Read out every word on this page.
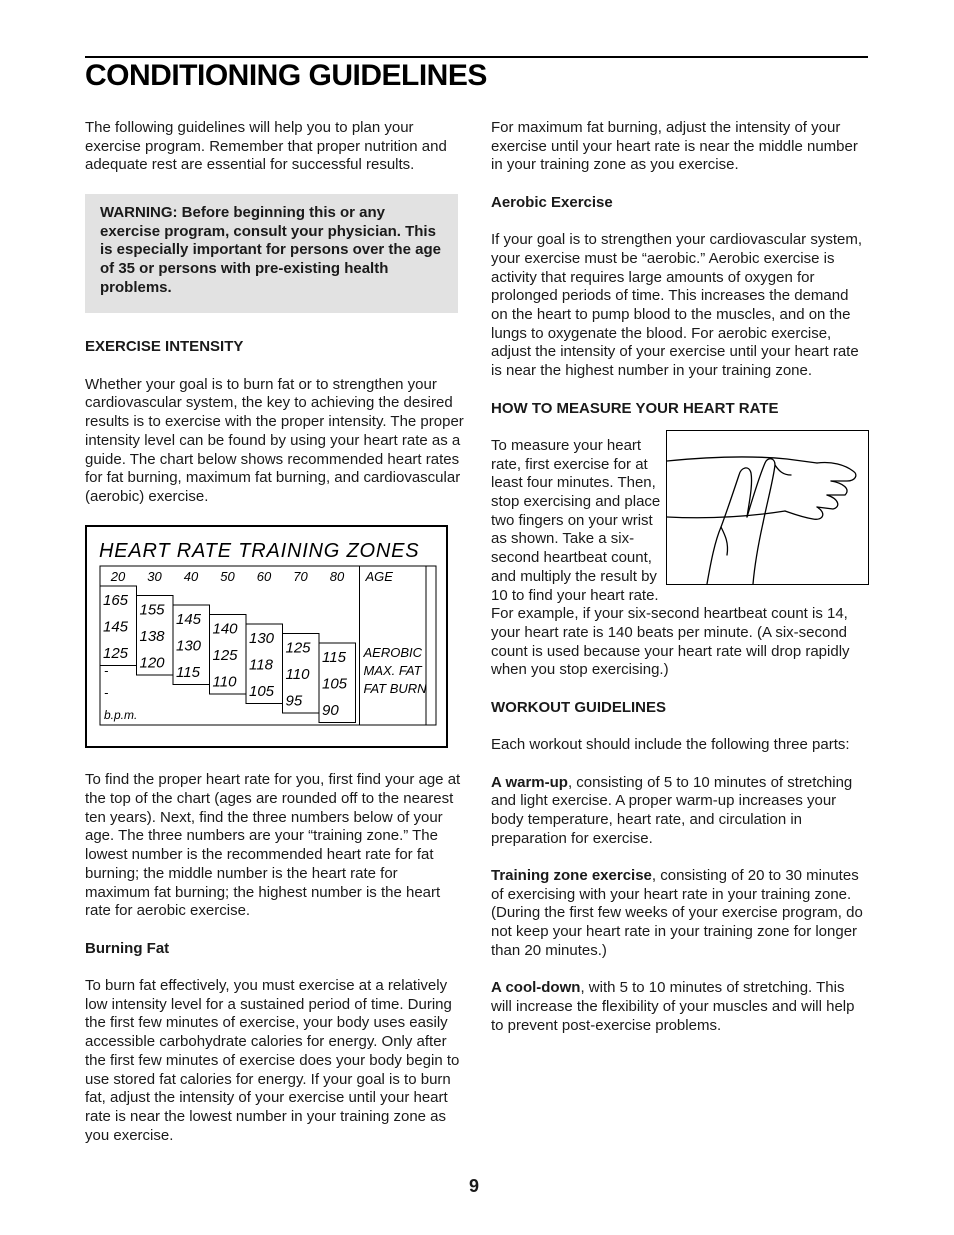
CONDITIONING GUIDELINES

The following guidelines will help you to plan your exercise program. Remember that proper nutrition and adequate rest are essential for successful results.

WARNING: Before beginning this or any exercise program, consult your physician. This is especially important for persons over the age of 35 or persons with pre-existing health problems.

EXERCISE INTENSITY

Whether your goal is to burn fat or to strengthen your cardiovascular system, the key to achieving the desired results is to exercise with the proper intensity. The proper intensity level can be found by using your heart rate as a guide. The chart below shows recommended heart rates for fat burning, maximum fat burning, and cardiovascular (aerobic) exercise.

HEART RATE TRAINING ZONES
20 30 40 50 60 70 80 AGE
165
145
125
155
138
120
145
130
115
140
125
110
130
118
105
125
110
95
115
105
90
-
-
b.p.m.
AEROBIC
MAX. FAT
FAT BURN

To find the proper heart rate for you, first find your age at the top of the chart (ages are rounded off to the nearest ten years). Next, find the three numbers below of your age. The three numbers are your “training zone.” The lowest number is the recommended heart rate for fat burning; the middle number is the heart rate for maximum fat burning; the highest number is the heart rate for aerobic exercise.

Burning Fat

To burn fat effectively, you must exercise at a relatively low intensity level for a sustained period of time. During the first few minutes of exercise, your body uses easily accessible carbohydrate calories for energy. Only after the first few minutes of exercise does your body begin to use stored fat calories for energy. If your goal is to burn fat, adjust the intensity of your exercise until your heart rate is near the lowest number in your training zone as you exercise.

For maximum fat burning, adjust the intensity of your exercise until your heart rate is near the middle number in your training zone as you exercise.

Aerobic Exercise

If your goal is to strengthen your cardiovascular system, your exercise must be “aerobic.” Aerobic exercise is activity that requires large amounts of oxygen for prolonged periods of time. This increases the demand on the heart to pump blood to the muscles, and on the lungs to oxygenate the blood. For aerobic exercise, adjust the intensity of your exercise until your heart rate is near the highest number in your training zone.

HOW TO MEASURE YOUR HEART RATE

To measure your heart rate, first exercise for at least four minutes. Then, stop exercising and place two fingers on your wrist as shown. Take a six-second heartbeat count, and multiply the result by 10 to find your heart rate. For example, if your six-second heartbeat count is 14, your heart rate is 140 beats per minute. (A six-second count is used because your heart rate will drop rapidly when you stop exercising.)

WORKOUT GUIDELINES

Each workout should include the following three parts:

A warm-up, consisting of 5 to 10 minutes of stretching and light exercise. A proper warm-up increases your body temperature, heart rate, and circulation in preparation for exercise.

Training zone exercise, consisting of 20 to 30 minutes of exercising with your heart rate in your training zone. (During the first few weeks of your exercise program, do not keep your heart rate in your training zone for longer than 20 minutes.)

A cool-down, with 5 to 10 minutes of stretching. This will increase the flexibility of your muscles and will help to prevent post-exercise problems.

9
